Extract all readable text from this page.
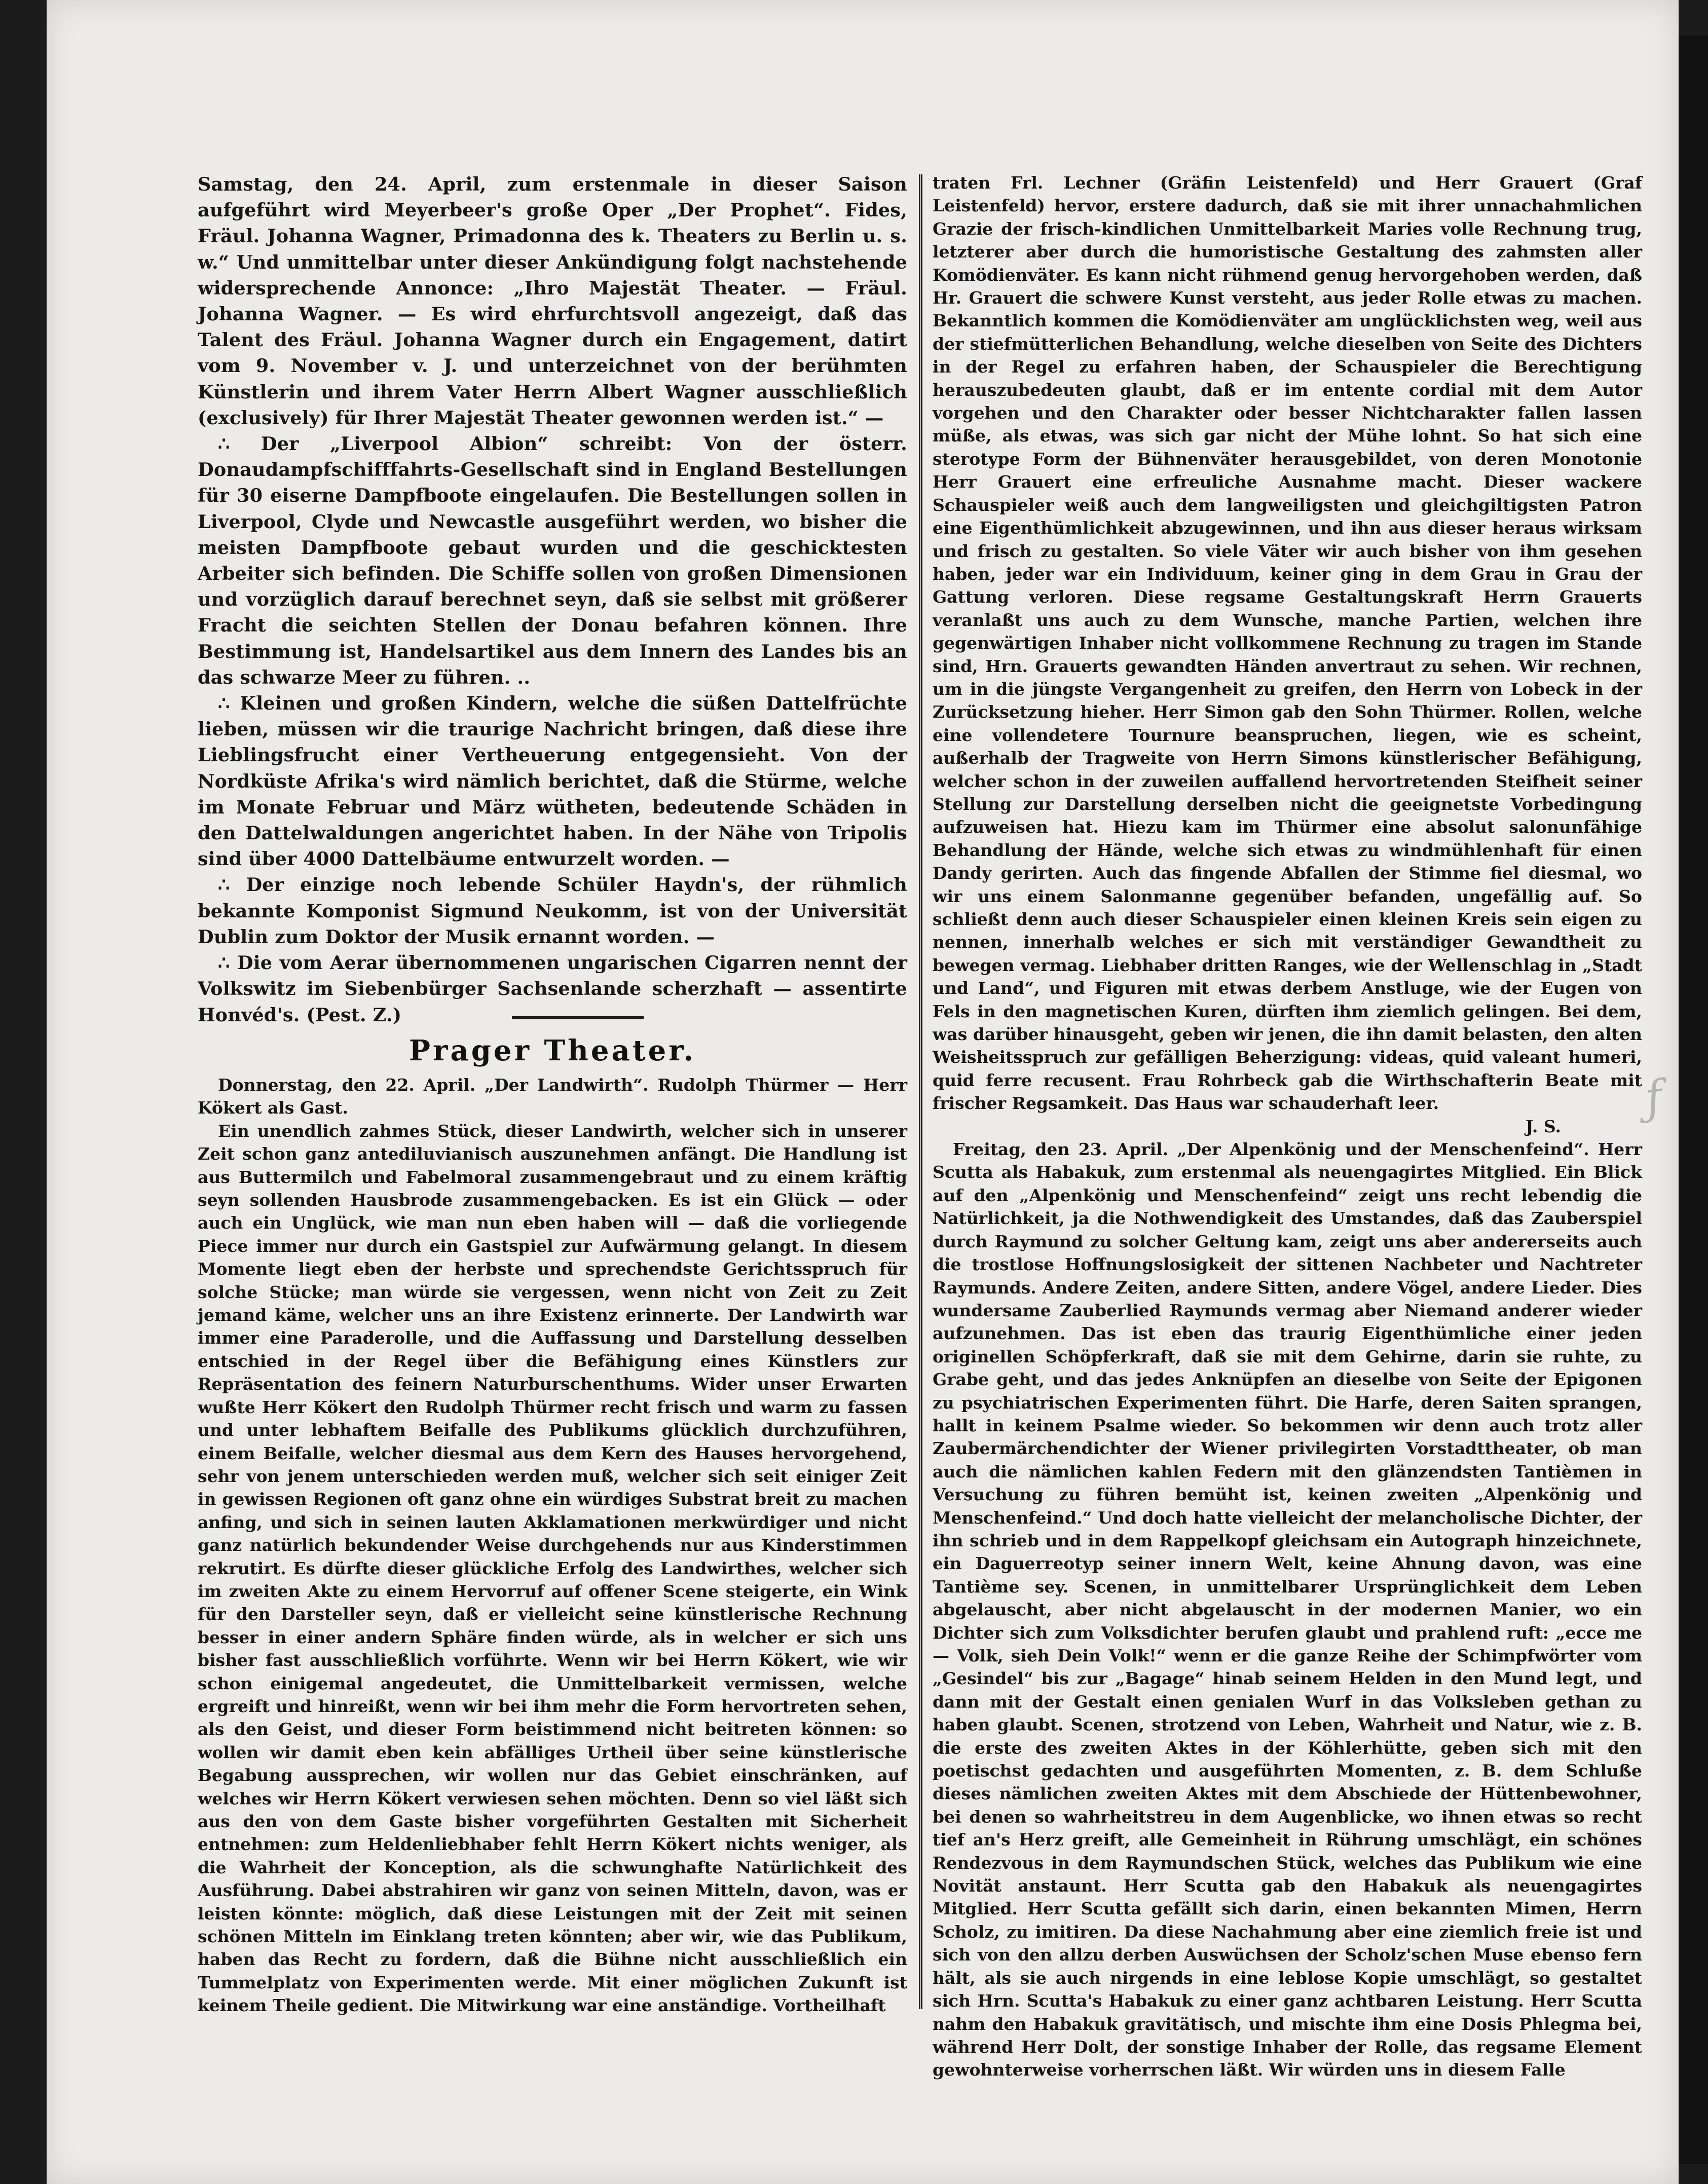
Samstag, den 24. April, zum erstenmale in dieser Saison aufgeführt wird Meyerbeer's große Oper „Der Prophet“. Fides, Fräul. Johanna Wagner, Primadonna des k. Theaters zu Berlin u. s. w.“ Und unmittelbar unter dieser Ankündigung folgt nachstehende widersprechende Annonce: „Ihro Majestät Theater. — Fräul. Johanna Wagner. — Es wird ehrfurchtsvoll angezeigt, daß das Talent des Fräul. Johanna Wagner durch ein Engagement, datirt vom 9. November v. J. und unterzeichnet von der berühmten Künstlerin und ihrem Vater Herrn Albert Wagner ausschließlich (exclusively) für Ihrer Majestät Theater gewonnen werden ist.“ —

∴ Der „Liverpool Albion“ schreibt: Von der österr. Donaudampfschifffahrts-Gesellschaft sind in England Bestellungen für 30 eiserne Dampfboote eingelaufen. Die Bestellungen sollen in Liverpool, Clyde und Newcastle ausgeführt werden, wo bisher die meisten Dampfboote gebaut wurden und die geschicktesten Arbeiter sich befinden. Die Schiffe sollen von großen Dimensionen und vorzüglich darauf berechnet seyn, daß sie selbst mit größerer Fracht die seichten Stellen der Donau befahren können. Ihre Bestimmung ist, Handelsartikel aus dem Innern des Landes bis an das schwarze Meer zu führen. ..

∴ Kleinen und großen Kindern, welche die süßen Dattelfrüchte lieben, müssen wir die traurige Nachricht bringen, daß diese ihre Lieblingsfrucht einer Vertheuerung entgegensieht. Von der Nordküste Afrika's wird nämlich berichtet, daß die Stürme, welche im Monate Februar und März wütheten, bedeutende Schäden in den Dattelwaldungen angerichtet haben. In der Nähe von Tripolis sind über 4000 Dattelbäume entwurzelt worden. —

∴ Der einzige noch lebende Schüler Haydn's, der rühmlich bekannte Komponist Sigmund Neukomm, ist von der Universität Dublin zum Doktor der Musik ernannt worden. —

∴ Die vom Aerar übernommenen ungarischen Cigarren nennt der Volkswitz im Siebenbürger Sachsenlande scherzhaft — assentirte Honvéd's. (Pest. Z.)

Prager Theater.

Donnerstag, den 22. April. „Der Landwirth“. Rudolph Thürmer — Herr Kökert als Gast.

Ein unendlich zahmes Stück, dieser Landwirth, welcher sich in unserer Zeit schon ganz antediluvianisch auszunehmen anfängt. Die Handlung ist aus Buttermilch und Fabelmoral zusammengebraut und zu einem kräftig seyn sollenden Hausbrode zusammengebacken. Es ist ein Glück — oder auch ein Unglück, wie man nun eben haben will — daß die vorliegende Piece immer nur durch ein Gastspiel zur Aufwärmung gelangt. In diesem Momente liegt eben der herbste und sprechendste Gerichtsspruch für solche Stücke; man würde sie vergessen, wenn nicht von Zeit zu Zeit jemand käme, welcher uns an ihre Existenz erinnerte. Der Landwirth war immer eine Paraderolle, und die Auffassung und Darstellung desselben entschied in der Regel über die Befähigung eines Künstlers zur Repräsentation des feinern Naturburschenthums. Wider unser Erwarten wußte Herr Kökert den Rudolph Thürmer recht frisch und warm zu fassen und unter lebhaftem Beifalle des Publikums glücklich durchzuführen, einem Beifalle, welcher diesmal aus dem Kern des Hauses hervorgehend, sehr von jenem unterschieden werden muß, welcher sich seit einiger Zeit in gewissen Regionen oft ganz ohne ein würdiges Substrat breit zu machen anfing, und sich in seinen lauten Akklamationen merkwürdiger und nicht ganz natürlich bekundender Weise durchgehends nur aus Kinderstimmen rekrutirt. Es dürfte dieser glückliche Erfolg des Landwirthes, welcher sich im zweiten Akte zu einem Hervorruf auf offener Scene steigerte, ein Wink für den Darsteller seyn, daß er vielleicht seine künstlerische Rechnung besser in einer andern Sphäre finden würde, als in welcher er sich uns bisher fast ausschließlich vorführte. Wenn wir bei Herrn Kökert, wie wir schon einigemal angedeutet, die Unmittelbarkeit vermissen, welche ergreift und hinreißt, wenn wir bei ihm mehr die Form hervortreten sehen, als den Geist, und dieser Form beistimmend nicht beitreten können: so wollen wir damit eben kein abfälliges Urtheil über seine künstlerische Begabung aussprechen, wir wollen nur das Gebiet einschränken, auf welches wir Herrn Kökert verwiesen sehen möchten. Denn so viel läßt sich aus den von dem Gaste bisher vorgeführten Gestalten mit Sicherheit entnehmen: zum Heldenliebhaber fehlt Herrn Kökert nichts weniger, als die Wahrheit der Konception, als die schwunghafte Natürlichkeit des Ausführung. Dabei abstrahiren wir ganz von seinen Mitteln, davon, was er leisten könnte: möglich, daß diese Leistungen mit der Zeit mit seinen schönen Mitteln im Einklang treten könnten; aber wir, wie das Publikum, haben das Recht zu fordern, daß die Bühne nicht ausschließlich ein Tummelplatz von Experimenten werde. Mit einer möglichen Zukunft ist keinem Theile gedient. Die Mitwirkung war eine anständige. Vortheilhaft

traten Frl. Lechner (Gräfin Leistenfeld) und Herr Grauert (Graf Leistenfeld) hervor, erstere dadurch, daß sie mit ihrer unnachahmlichen Grazie der frisch-kindlichen Unmittelbarkeit Maries volle Rechnung trug, letzterer aber durch die humoristische Gestaltung des zahmsten aller Komödienväter. Es kann nicht rühmend genug hervorgehoben werden, daß Hr. Grauert die schwere Kunst versteht, aus jeder Rolle etwas zu machen. Bekanntlich kommen die Komödienväter am unglücklichsten weg, weil aus der stiefmütterlichen Behandlung, welche dieselben von Seite des Dichters in der Regel zu erfahren haben, der Schauspieler die Berechtigung herauszubedeuten glaubt, daß er im entente cordial mit dem Autor vorgehen und den Charakter oder besser Nichtcharakter fallen lassen müße, als etwas, was sich gar nicht der Mühe lohnt. So hat sich eine sterotype Form der Bühnenväter herausgebildet, von deren Monotonie Herr Grauert eine erfreuliche Ausnahme macht. Dieser wackere Schauspieler weiß auch dem langweiligsten und gleichgiltigsten Patron eine Eigenthümlichkeit abzugewinnen, und ihn aus dieser heraus wirksam und frisch zu gestalten. So viele Väter wir auch bisher von ihm gesehen haben, jeder war ein Individuum, keiner ging in dem Grau in Grau der Gattung verloren. Diese regsame Gestaltungskraft Herrn Grauerts veranlaßt uns auch zu dem Wunsche, manche Partien, welchen ihre gegenwärtigen Inhaber nicht vollkommene Rechnung zu tragen im Stande sind, Hrn. Grauerts gewandten Händen anvertraut zu sehen. Wir rechnen, um in die jüngste Vergangenheit zu greifen, den Herrn von Lobeck in der Zurücksetzung hieher. Herr Simon gab den Sohn Thürmer. Rollen, welche eine vollendetere Tournure beanspruchen, liegen, wie es scheint, außerhalb der Tragweite von Herrn Simons künstlerischer Befähigung, welcher schon in der zuweilen auffallend hervortretenden Steifheit seiner Stellung zur Darstellung derselben nicht die geeignetste Vorbedingung aufzuweisen hat. Hiezu kam im Thürmer eine absolut salonunfähige Behandlung der Hände, welche sich etwas zu windmühlenhaft für einen Dandy gerirten. Auch das fingende Abfallen der Stimme fiel diesmal, wo wir uns einem Salonmanne gegenüber befanden, ungefällig auf. So schließt denn auch dieser Schauspieler einen kleinen Kreis sein eigen zu nennen, innerhalb welches er sich mit verständiger Gewandtheit zu bewegen vermag. Liebhaber dritten Ranges, wie der Wellenschlag in „Stadt und Land“, und Figuren mit etwas derbem Anstluge, wie der Eugen von Fels in den magnetischen Kuren, dürften ihm ziemlich gelingen. Bei dem, was darüber hinausgeht, geben wir jenen, die ihn damit belasten, den alten Weisheitsspruch zur gefälligen Beherzigung: videas, quid valeant humeri, quid ferre recusent. Frau Rohrbeck gab die Wirthschafterin Beate mit frischer Regsamkeit. Das Haus war schauderhaft leer.

J. S.

Freitag, den 23. April. „Der Alpenkönig und der Menschenfeind“. Herr Scutta als Habakuk, zum erstenmal als neuengagirtes Mitglied. Ein Blick auf den „Alpenkönig und Menschenfeind“ zeigt uns recht lebendig die Natürlichkeit, ja die Nothwendigkeit des Umstandes, daß das Zauberspiel durch Raymund zu solcher Geltung kam, zeigt uns aber andererseits auch die trostlose Hoffnungslosigkeit der sittenen Nachbeter und Nachtreter Raymunds. Andere Zeiten, andere Sitten, andere Vögel, andere Lieder. Dies wundersame Zauberlied Raymunds vermag aber Niemand anderer wieder aufzunehmen. Das ist eben das traurig Eigenthümliche einer jeden originellen Schöpferkraft, daß sie mit dem Gehirne, darin sie ruhte, zu Grabe geht, und das jedes Anknüpfen an dieselbe von Seite der Epigonen zu psychiatrischen Experimenten führt. Die Harfe, deren Saiten sprangen, hallt in keinem Psalme wieder. So bekommen wir denn auch trotz aller Zaubermärchendichter der Wiener privilegirten Vorstadttheater, ob man auch die nämlichen kahlen Federn mit den glänzendsten Tantièmen in Versuchung zu führen bemüht ist, keinen zweiten „Alpenkönig und Menschenfeind.“ Und doch hatte vielleicht der melancholische Dichter, der ihn schrieb und in dem Rappelkopf gleichsam ein Autograph hinzeichnete, ein Daguerreotyp seiner innern Welt, keine Ahnung davon, was eine Tantième sey. Scenen, in unmittelbarer Ursprünglichkeit dem Leben abgelauscht, aber nicht abgelauscht in der modernen Manier, wo ein Dichter sich zum Volksdichter berufen glaubt und prahlend ruft: „ecce me — Volk, sieh Dein Volk!“ wenn er die ganze Reihe der Schimpfwörter vom „Gesindel“ bis zur „Bagage“ hinab seinem Helden in den Mund legt, und dann mit der Gestalt einen genialen Wurf in das Volksleben gethan zu haben glaubt. Scenen, strotzend von Leben, Wahrheit und Natur, wie z. B. die erste des zweiten Aktes in der Köhlerhütte, geben sich mit den poetischst gedachten und ausgeführten Momenten, z. B. dem Schluße dieses nämlichen zweiten Aktes mit dem Abschiede der Hüttenbewohner, bei denen so wahrheitstreu in dem Augenblicke, wo ihnen etwas so recht tief an's Herz greift, alle Gemeinheit in Rührung umschlägt, ein schönes Rendezvous in dem Raymundschen Stück, welches das Publikum wie eine Novität anstaunt. Herr Scutta gab den Habakuk als neuengagirtes Mitglied. Herr Scutta gefällt sich darin, einen bekannten Mimen, Herrn Scholz, zu imitiren. Da diese Nachahmung aber eine ziemlich freie ist und sich von den allzu derben Auswüchsen der Scholz'schen Muse ebenso fern hält, als sie auch nirgends in eine leblose Kopie umschlägt, so gestaltet sich Hrn. Scutta's Habakuk zu einer ganz achtbaren Leistung. Herr Scutta nahm den Habakuk gravitätisch, und mischte ihm eine Dosis Phlegma bei, während Herr Dolt, der sonstige Inhaber der Rolle, das regsame Element gewohnterweise vorherrschen läßt. Wir würden uns in diesem Falle

ƒ
